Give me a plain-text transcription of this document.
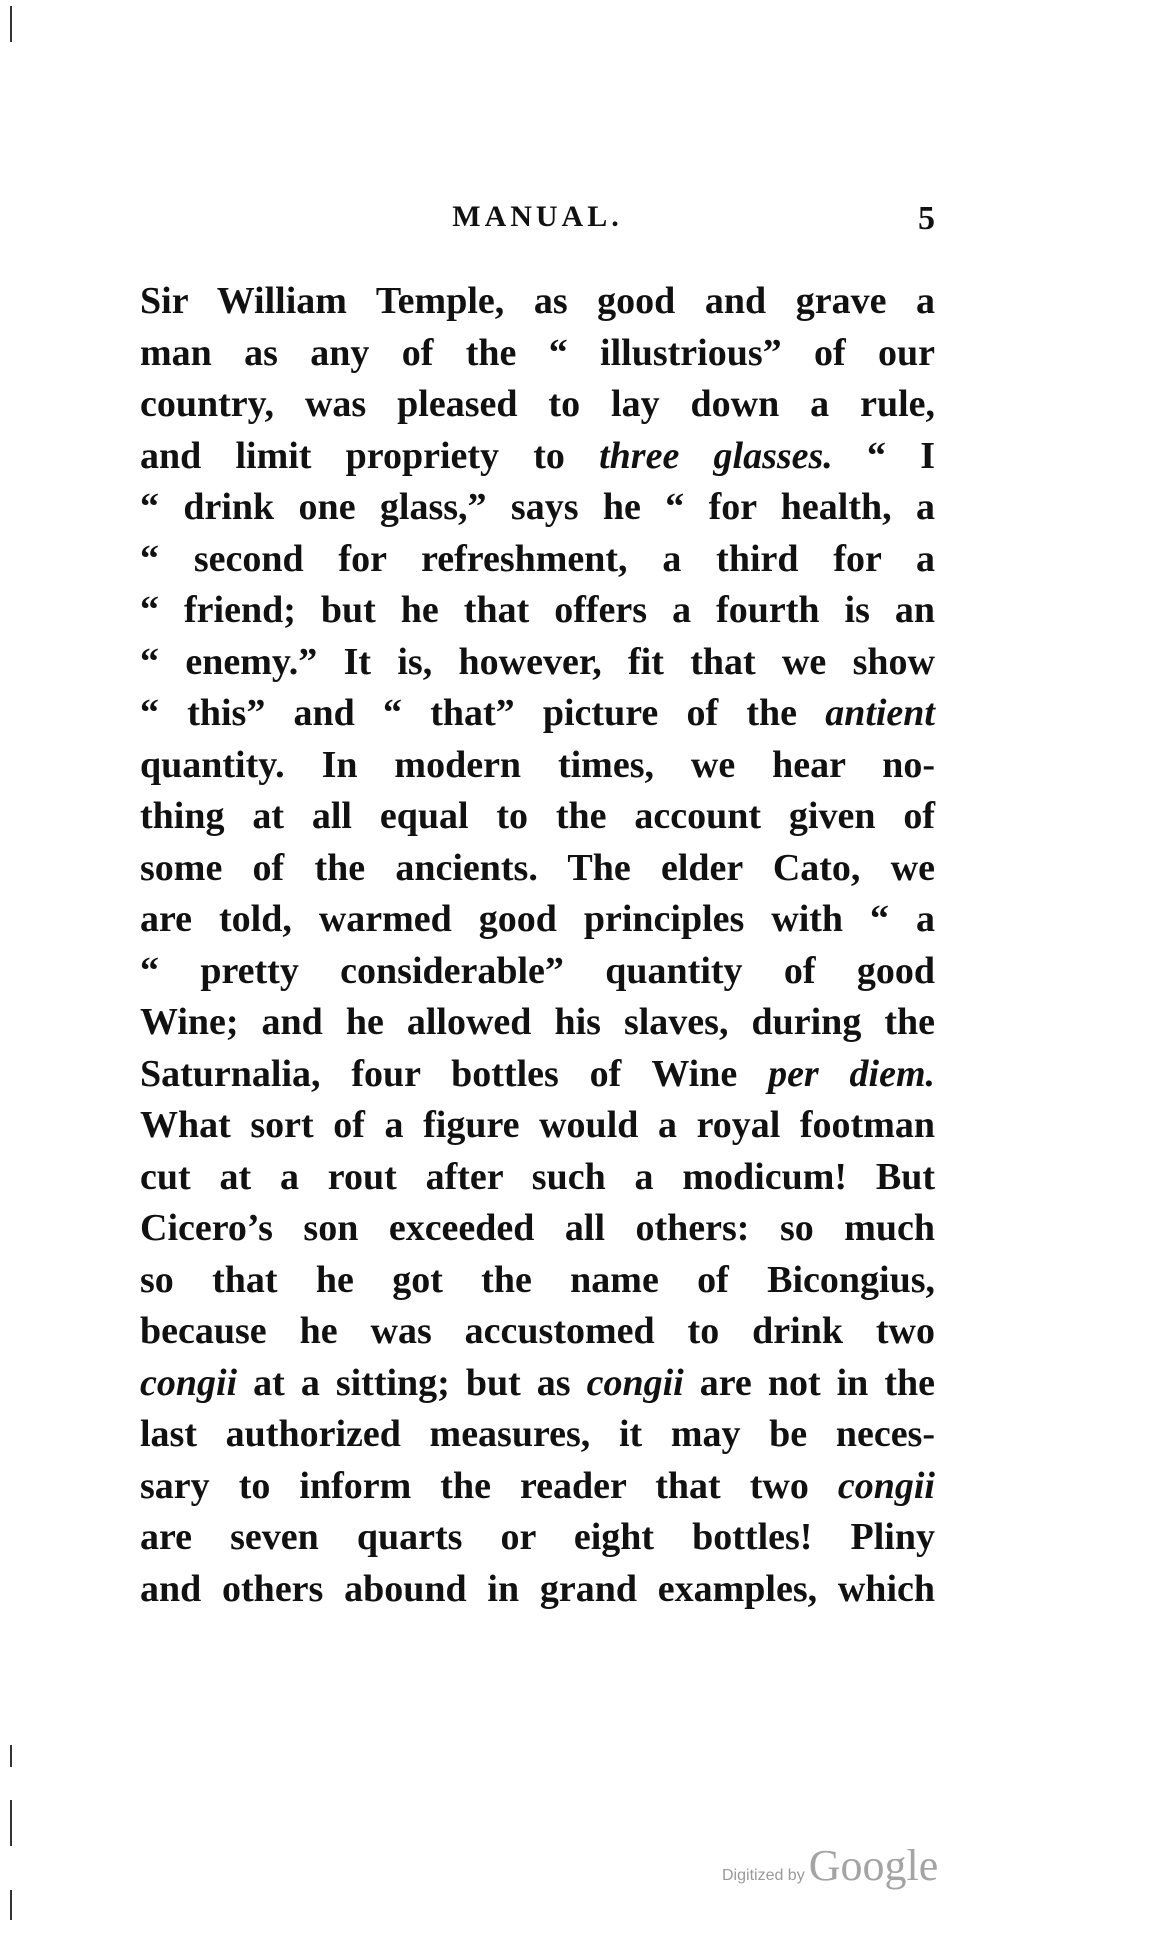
MANUAL.	5
Sir William Temple, as good and grave a
man as any of the “ illustrious” of our
country, was pleased to lay down a rule,
and limit propriety to three glasses. “ I
“ drink one glass,” says he “ for health, a
“ second for refreshment, a third for a
“ friend; but he that offers a fourth is an
“ enemy.” It is, however, fit that we show
“ this” and “ that” picture of the antient
quantity. In modern times, we hear no-
thing at all equal to the account given of
some of the ancients. The elder Cato, we
are told, warmed good principles with “ a
“ pretty considerable” quantity of good
Wine; and he allowed his slaves, during the
Saturnalia, four bottles of Wine per diem.
What sort of a figure would a royal footman
cut at a rout after such a modicum! But
Cicero’s son exceeded all others: so much
so that he got the name of Bicongius,
because he was accustomed to drink two
congii at a sitting; but as congii are not in the
last authorized measures, it may be neces-
sary to inform the reader that two congii
are seven quarts or eight bottles! Pliny
and others abound in grand examples, which
Digitized by Google
